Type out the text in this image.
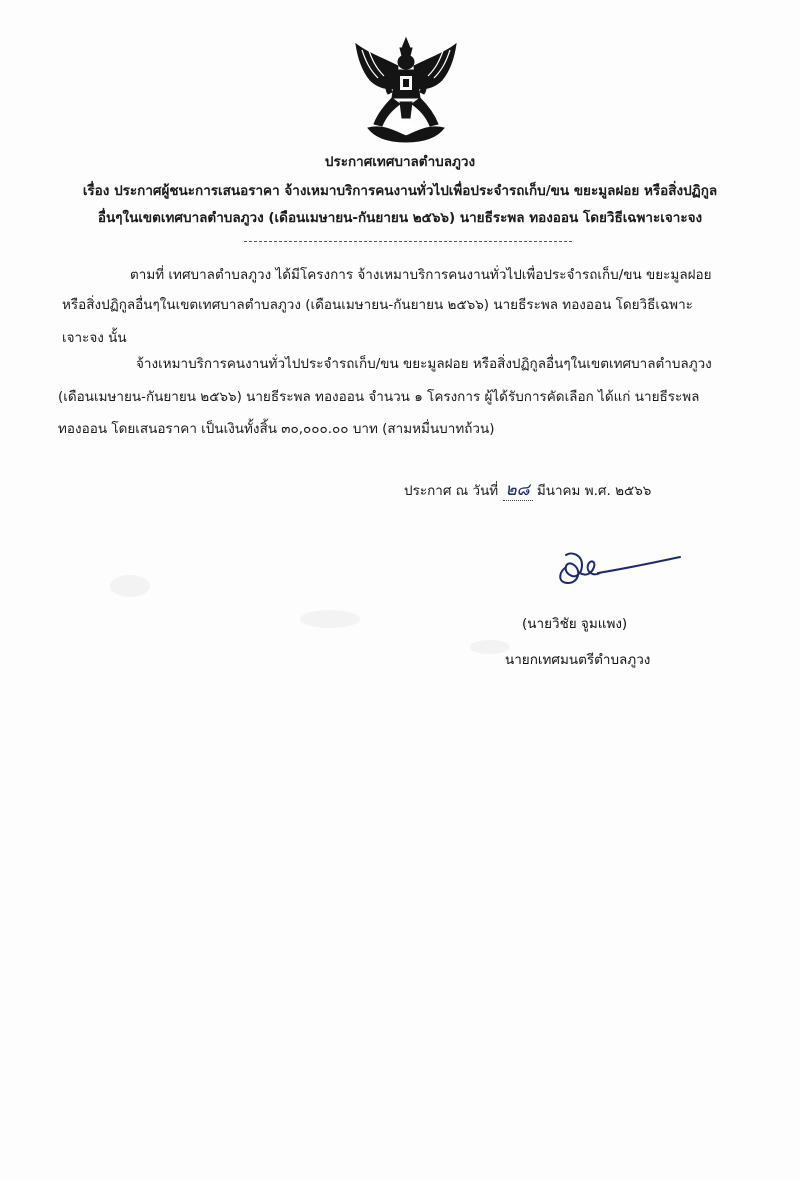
ประกาศเทศบาลตำบลภูวง
เรื่อง ประกาศผู้ชนะการเสนอราคา จ้างเหมาบริการคนงานทั่วไปเพื่อประจำรถเก็บ/ขน ขยะมูลฝอย หรือสิ่งปฏิกูล
อื่นๆในเขตเทศบาลตำบลภูวง (เดือนเมษายน-กันยายน ๒๕๖๖) นายธีระพล ทองออน โดยวิธีเฉพาะเจาะจง
ตามที่ เทศบาลตำบลภูวง ได้มีโครงการ จ้างเหมาบริการคนงานทั่วไปเพื่อประจำรถเก็บ/ขน ขยะมูลฝอย
หรือสิ่งปฏิกูลอื่นๆในเขตเทศบาลตำบลภูวง (เดือนเมษายน-กันยายน ๒๕๖๖) นายธีระพล ทองออน โดยวิธีเฉพาะ
เจาะจง นั้น
จ้างเหมาบริการคนงานทั่วไปประจำรถเก็บ/ขน ขยะมูลฝอย หรือสิ่งปฏิกูลอื่นๆในเขตเทศบาลตำบลภูวง
(เดือนเมษายน-กันยายน ๒๕๖๖) นายธีระพล ทองออน จำนวน ๑ โครงการ ผู้ได้รับการคัดเลือก ได้แก่ นายธีระพล
ทองออน โดยเสนอราคา เป็นเงินทั้งสิ้น ๓๐,๐๐๐.๐๐ บาท (สามหมื่นบาทถ้วน)
ประกาศ ณ วันที่ ๒๘ มีนาคม พ.ศ. ๒๕๖๖
(นายวิชัย จูมแพง)
นายกเทศมนตรีตำบลภูวง
